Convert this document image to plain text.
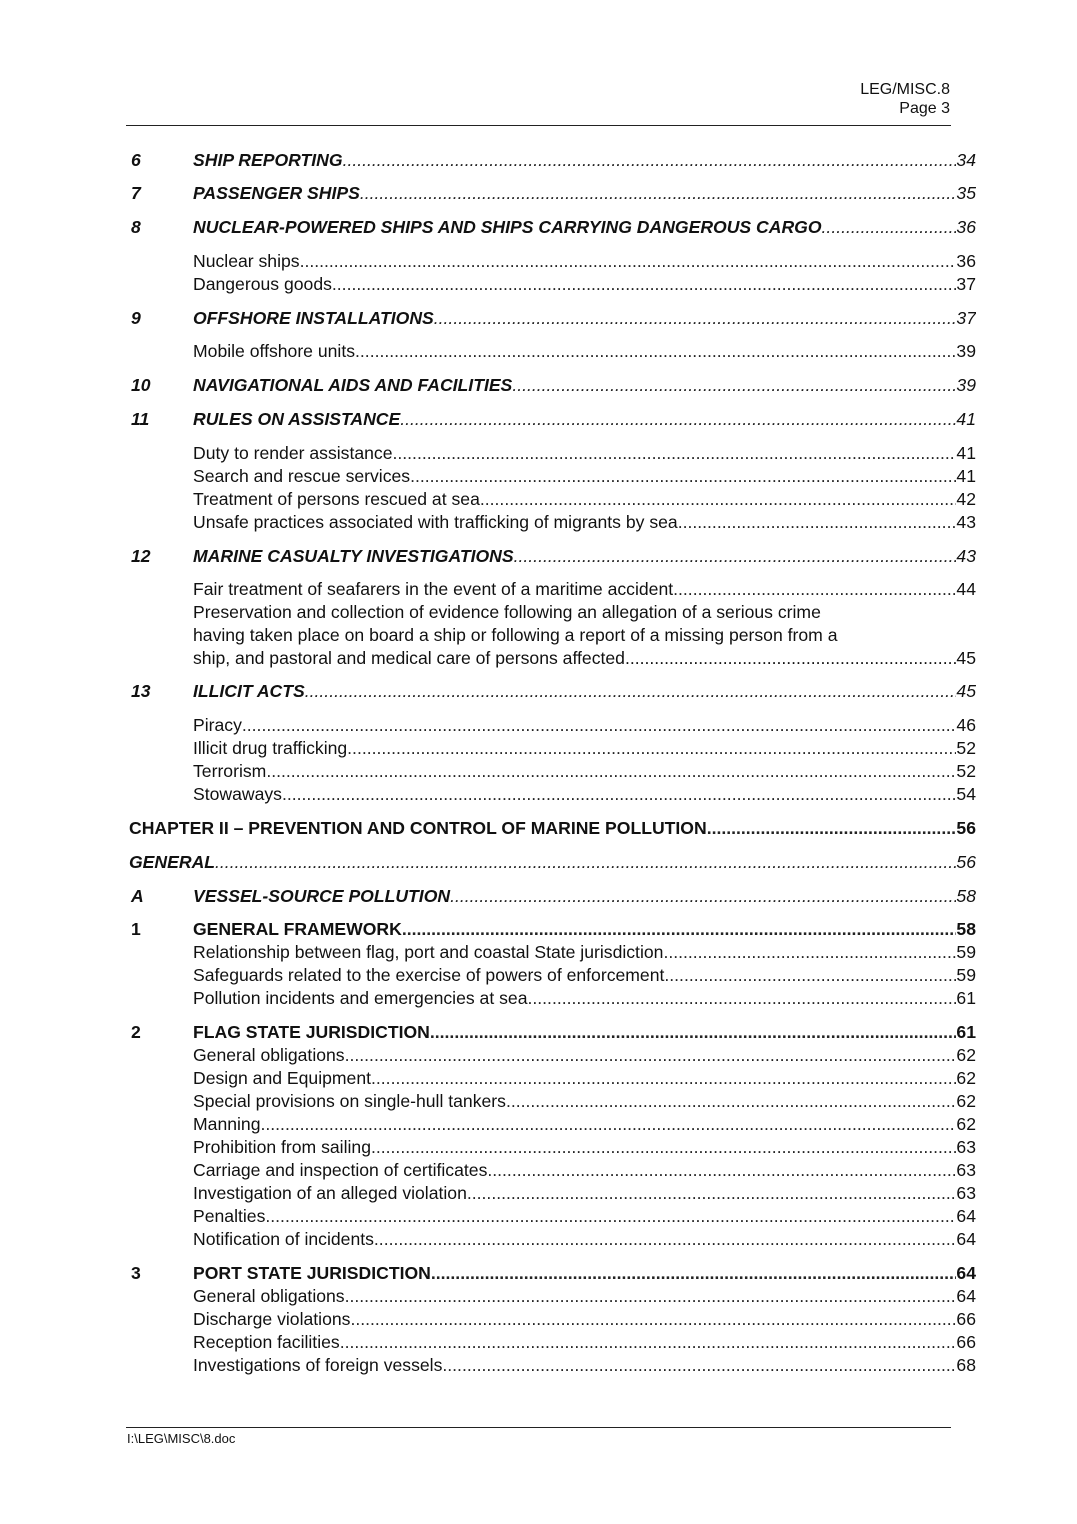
LEG/MISC.8
Page 3
6	SHIP REPORTING .....	34
7	PASSENGER SHIPS .....	35
8	NUCLEAR-POWERED SHIPS AND SHIPS CARRYING DANGEROUS CARGO .....	36
Nuclear ships .....	36
Dangerous goods .....	37
9	OFFSHORE INSTALLATIONS .....	37
Mobile offshore units .....	39
10 NAVIGATIONAL AIDS AND FACILITIES .....	39
11 RULES ON ASSISTANCE .....	41
Duty to render assistance .....	41
Search and rescue services .....	41
Treatment of persons rescued at sea .....	42
Unsafe practices associated with trafficking of migrants by sea .....	43
12 MARINE CASUALTY INVESTIGATIONS .....	43
Fair treatment of seafarers in the event of a maritime accident .....	44
Preservation and collection of evidence following an allegation of a serious crime
having taken place on board a ship or following a report of a missing person from a
ship, and pastoral and medical care of persons affected. .....	45
13 ILLICIT ACTS .....	45
Piracy .....	46
Illicit drug trafficking .....	52
Terrorism .....	52
Stowaways .....	54
CHAPTER II – PREVENTION AND CONTROL OF MARINE POLLUTION .....	56
GENERAL .....	56
A	VESSEL-SOURCE POLLUTION .....	58
1	GENERAL FRAMEWORK .....	58
Relationship between flag, port and coastal State jurisdiction .....	59
Safeguards related to the exercise of powers of enforcement .....	59
Pollution incidents and emergencies at sea .....	61
2	FLAG STATE JURISDICTION .....	61
General obligations .....	62
Design and Equipment .....	62
Special provisions on single-hull tankers .....	62
Manning .....	62
Prohibition from sailing .....	63
Carriage and inspection of certificates .....	63
Investigation of an alleged violation .....	63
Penalties .....	64
Notification of incidents .....	64
3	PORT STATE JURISDICTION .....	64
General obligations .....	64
Discharge violations .....	66
Reception facilities .....	66
Investigations of foreign vessels .....	68
I:\LEG\MISC\8.doc
